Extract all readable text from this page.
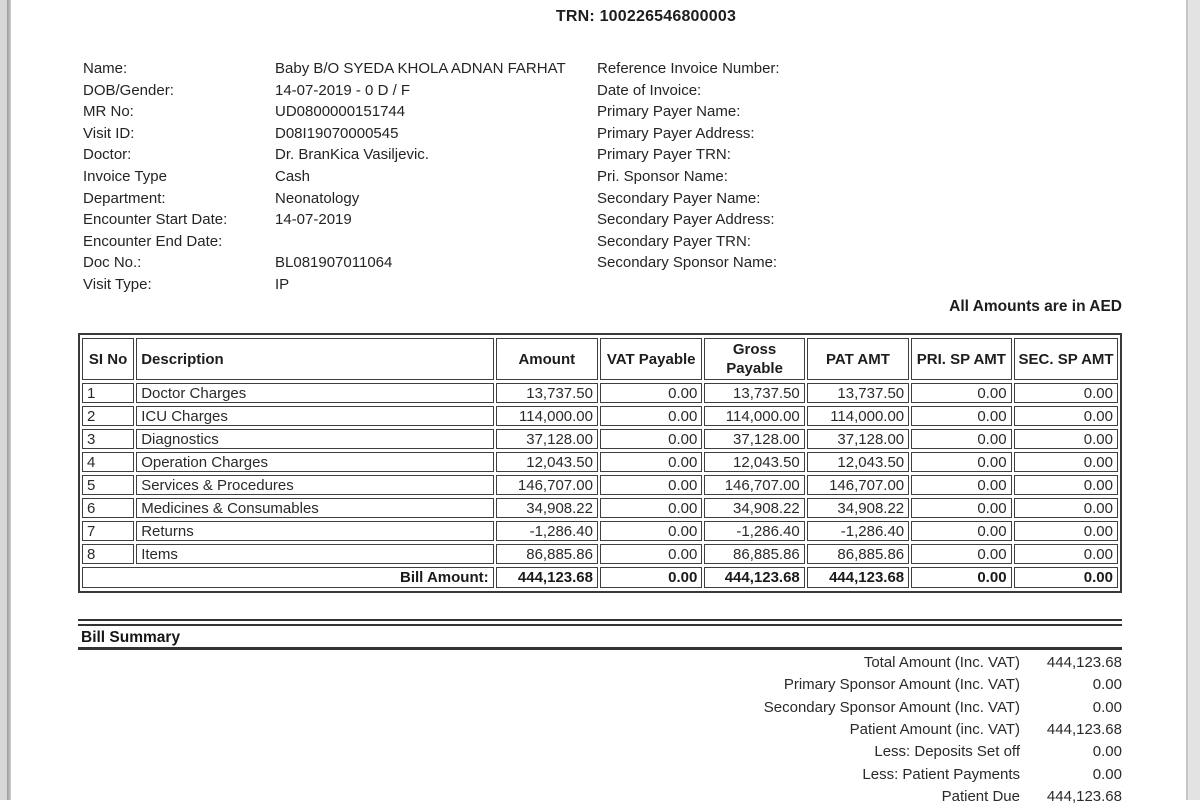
TRN: 100226546800003
Name:	Baby B/O SYEDA KHOLA ADNAN FARHAT
DOB/Gender:	14-07-2019 - 0 D / F
MR No:	UD0800000151744
Visit ID:	D08I19070000545
Doctor:	Dr. BranKica Vasiljevic.
Invoice Type	Cash
Department:	Neonatology
Encounter Start Date:	14-07-2019
Encounter End Date:
Doc No.:	BL081907011064
Visit Type:	IP
Reference Invoice Number:
Date of Invoice:
Primary Payer Name:
Primary Payer Address:
Primary Payer TRN:
Pri. Sponsor Name:
Secondary Payer Name:
Secondary Payer Address:
Secondary Payer TRN:
Secondary Sponsor Name:
All Amounts are in AED
SI No	Description	Amount	VAT Payable	Gross Payable	PAT AMT	PRI. SP AMT	SEC. SP AMT
1	Doctor Charges	13,737.50	0.00	13,737.50	13,737.50	0.00	0.00
2	ICU Charges	114,000.00	0.00	114,000.00	114,000.00	0.00	0.00
3	Diagnostics	37,128.00	0.00	37,128.00	37,128.00	0.00	0.00
4	Operation Charges	12,043.50	0.00	12,043.50	12,043.50	0.00	0.00
5	Services & Procedures	146,707.00	0.00	146,707.00	146,707.00	0.00	0.00
6	Medicines & Consumables	34,908.22	0.00	34,908.22	34,908.22	0.00	0.00
7	Returns	-1,286.40	0.00	-1,286.40	-1,286.40	0.00	0.00
8	Items	86,885.86	0.00	86,885.86	86,885.86	0.00	0.00
Bill Amount:		444,123.68	0.00	444,123.68	444,123.68	0.00	0.00
Bill Summary
Total Amount (Inc. VAT)	444,123.68
Primary Sponsor Amount (Inc. VAT)	0.00
Secondary Sponsor Amount (Inc. VAT)	0.00
Patient Amount (inc. VAT)	444,123.68
Less: Deposits Set off	0.00
Less: Patient Payments	0.00
Patient Due	444,123.68
